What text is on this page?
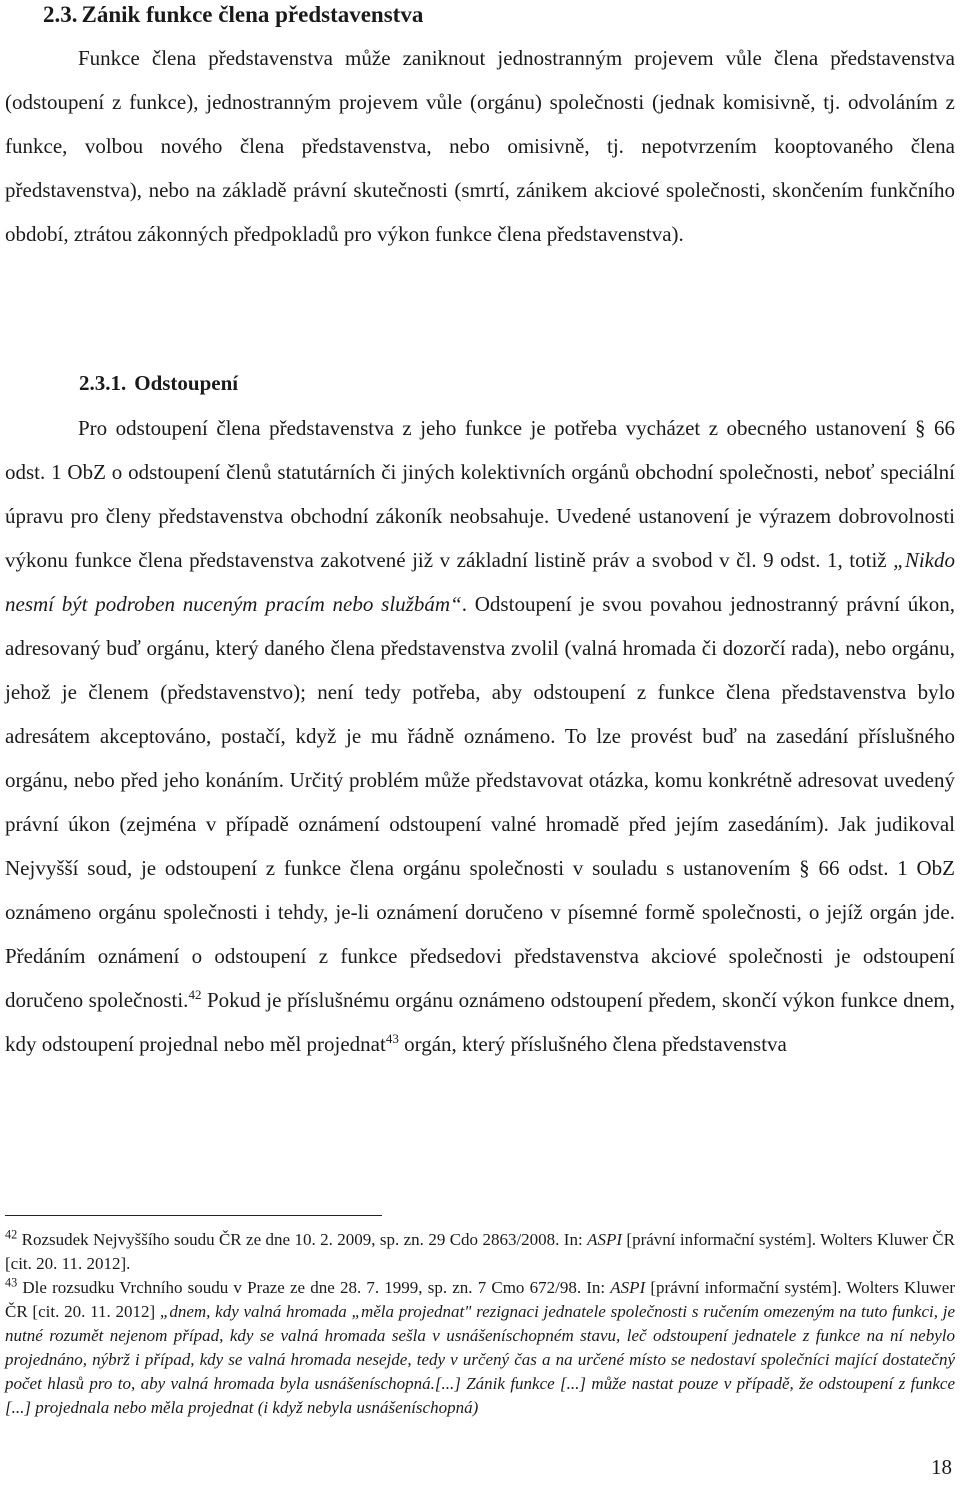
2.3. Zánik funkce člena představenstva

Funkce člena představenstva může zaniknout jednostranným projevem vůle člena představenstva (odstoupení z funkce), jednostranným projevem vůle (orgánu) společnosti (jednak komisivně, tj. odvoláním z funkce, volbou nového člena představenstva, nebo omisivně, tj. nepotvrzením kooptovaného člena představenstva), nebo na základě právní skutečnosti (smrtí, zánikem akciové společnosti, skončením funkčního období, ztrátou zákonných předpokladů pro výkon funkce člena představenstva).

2.3.1. Odstoupení

Pro odstoupení člena představenstva z jeho funkce je potřeba vycházet z obecného ustanovení § 66 odst. 1 ObZ o odstoupení členů statutárních či jiných kolektivních orgánů obchodní společnosti, neboť speciální úpravu pro členy představenstva obchodní zákoník neobsahuje. Uvedené ustanovení je výrazem dobrovolnosti výkonu funkce člena představenstva zakotvené již v základní listině práv a svobod v čl. 9 odst. 1, totiž „Nikdo nesmí být podroben nuceným pracím nebo službám“. Odstoupení je svou povahou jednostranný právní úkon, adresovaný buď orgánu, který daného člena představenstva zvolil (valná hromada či dozorčí rada), nebo orgánu, jehož je členem (představenstvo); není tedy potřeba, aby odstoupení z funkce člena představenstva bylo adresátem akceptováno, postačí, když je mu řádně oznámeno. To lze provést buď na zasedání příslušného orgánu, nebo před jeho konáním. Určitý problém může představovat otázka, komu konkrétně adresovat uvedený právní úkon (zejména v případě oznámení odstoupení valné hromadě před jejím zasedáním). Jak judikoval Nejvyšší soud, je odstoupení z funkce člena orgánu společnosti v souladu s ustanovením § 66 odst. 1 ObZ oznámeno orgánu společnosti i tehdy, je-li oznámení doručeno v písemné formě společnosti, o jejíž orgán jde. Předáním oznámení o odstoupení z funkce předsedovi představenstva akciové společnosti je odstoupení doručeno společnosti.$^{42}$ Pokud je příslušnému orgánu oznámeno odstoupení předem, skončí výkon funkce dnem, kdy odstoupení projednal nebo měl projednat$^{43}$ orgán, který příslušného člena představenstva

$^{42}$ Rozsudek Nejvyššího soudu ČR ze dne 10. 2. 2009, sp. zn. 29 Cdo 2863/2008. In: ASPI [právní informační systém]. Wolters Kluwer ČR [cit. 20. 11. 2012].

$^{43}$ Dle rozsudku Vrchního soudu v Praze ze dne 28. 7. 1999, sp. zn. 7 Cmo 672/98. In: ASPI [právní informační systém]. Wolters Kluwer ČR [cit. 20. 11. 2012] „dnem, kdy valná hromada „měla projednat" rezignaci jednatele společnosti s ručením omezeným na tuto funkci, je nutné rozumět nejenom případ, kdy se valná hromada sešla v usnášeníschopném stavu, leč odstoupení jednatele z funkce na ní nebylo projednáno, nýbrž i případ, kdy se valná hromada nesejde, tedy v určený čas a na určené místo se nedostaví společníci mající dostatečný počet hlasů pro to, aby valná hromada byla usnášeníschopná.[...] Zánik funkce [...] může nastat pouze v případě, že odstoupení z funkce [...] projednala nebo měla projednat (i když nebyla usnášeníschopná)

18
